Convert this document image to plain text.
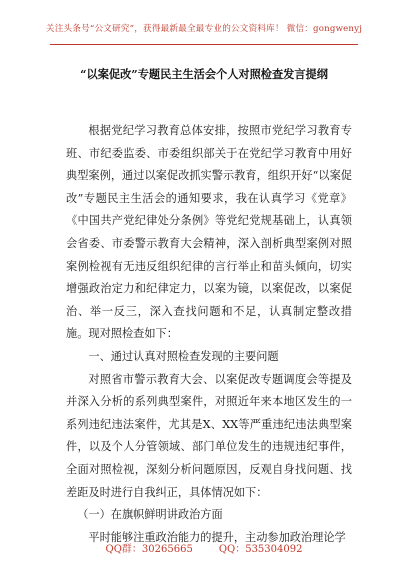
关注头条号“公文研究”，获得最新最全最专业的公文资料库！ 微信：gongwenyj
“以案促改”专题民主生活会个人对照检查发言提纲

根据党纪学习教育总体安排，按照市党纪学习教育专班、市纪委监委、市委组织部关于在党纪学习教育中用好典型案例，通过以案促改抓实警示教育，组织开好“以案促改”专题民主生活会的通知要求，我在认真学习《党章》《中国共产党纪律处分条例》等党纪党规基础上，认真领会省委、市委警示教育大会精神，深入剖析典型案例对照案例检视有无违反组织纪律的言行举止和苗头倾向，切实增强政治定力和纪律定力，以案为镜，以案促改，以案促治、举一反三，深入查找问题和不足，认真制定整改措施。现对照检查如下：

一、通过认真对照检查发现的主要问题

对照省市警示教育大会、以案促改专题调度会等提及并深入分析的系列典型案件，对照近年来本地区发生的一系列违纪违法案件，尤其是X、XX等严重违纪违法典型案件，以及个人分管领域、部门单位发生的违规违纪事件，全面对照检视，深刻分析问题原因，反观自身找问题、找差距及时进行自我纠正，具体情况如下：

（一）在旗帜鲜明讲政治方面

平时能够注重政治能力的提升，主动参加政治理论学

QQ群：30265665	QQ：535304092
